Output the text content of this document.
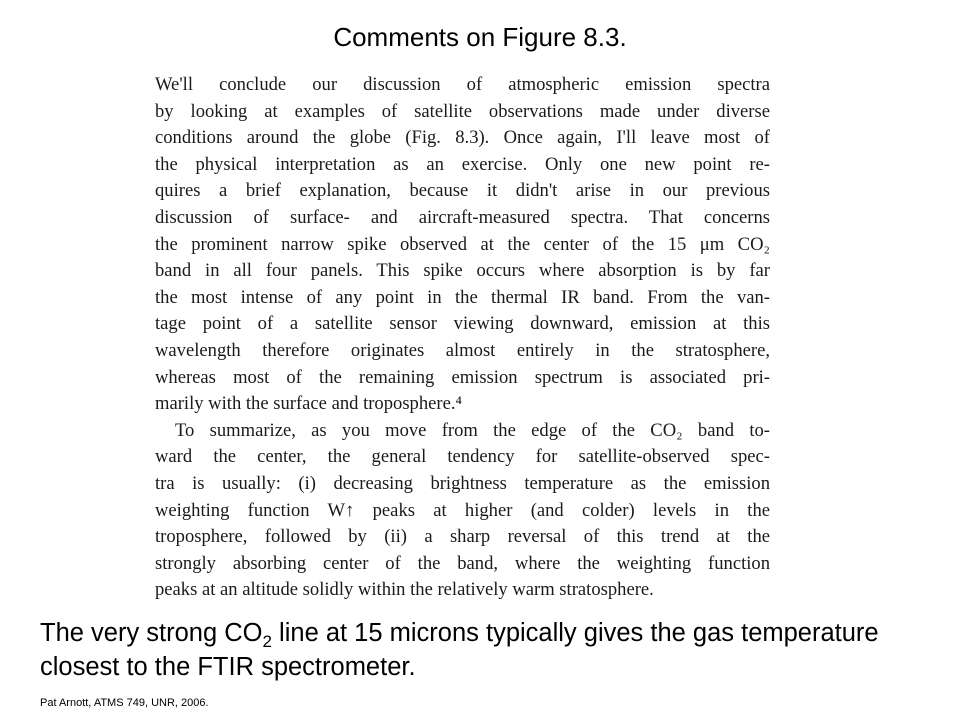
Comments on Figure 8.3.

We'll conclude our discussion of atmospheric emission spectra

by looking at examples of satellite observations made under diverse

conditions around the globe (Fig. 8.3). Once again, I'll leave most of

the physical interpretation as an exercise. Only one new point re-

quires a brief explanation, because it didn't arise in our previous

discussion of surface- and aircraft-measured spectra. That concerns

the prominent narrow spike observed at the center of the 15 μm CO₂

band in all four panels. This spike occurs where absorption is by far

the most intense of any point in the thermal IR band. From the van-

tage point of a satellite sensor viewing downward, emission at this

wavelength therefore originates almost entirely in the stratosphere,

whereas most of the remaining emission spectrum is associated pri-

marily with the surface and troposphere.⁴

To summarize, as you move from the edge of the CO₂ band to-

ward the center, the general tendency for satellite-observed spec-

tra is usually: (i) decreasing brightness temperature as the emission

weighting function W↑ peaks at higher (and colder) levels in the

troposphere, followed by (ii) a sharp reversal of this trend at the

strongly absorbing center of the band, where the weighting function

peaks at an altitude solidly within the relatively warm stratosphere.

The very strong $CO_2$ line at 15 microns typically gives the gas temperature closest to the FTIR spectrometer.
Pat Arnott, ATMS 749, UNR, 2006.
